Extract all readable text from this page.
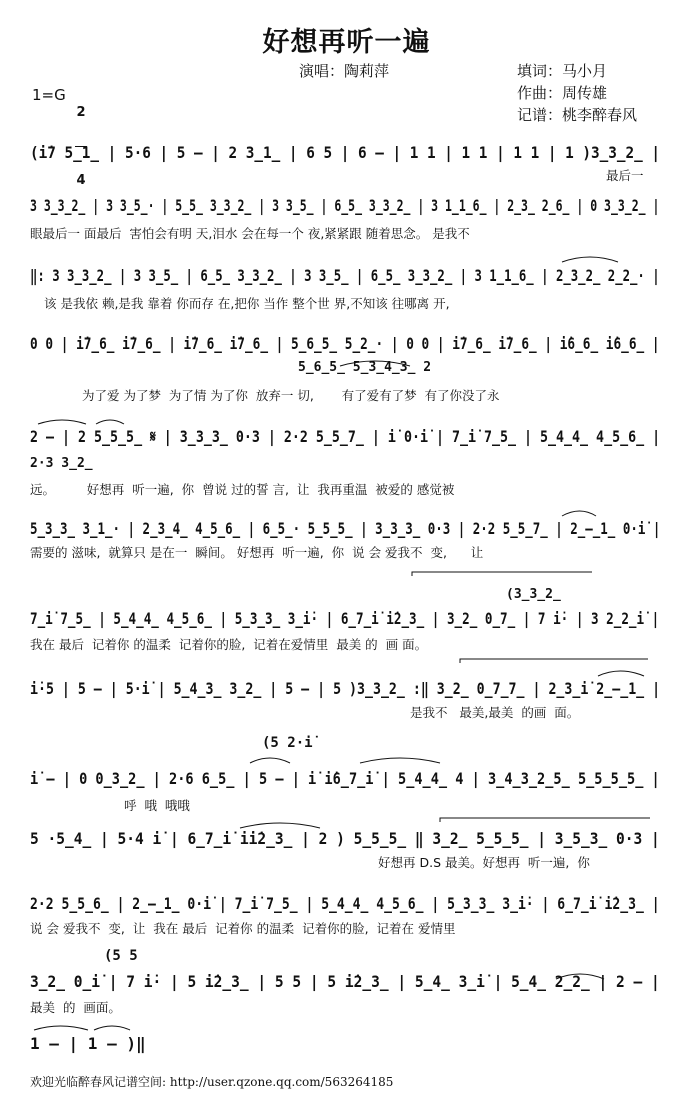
好想再听一遍
演唱：陶莉萍	填词：马小月
作曲：周传雄
记谱：桃李醉春风
1=G

2

4

(i̇7 5̲1̲ | 5·6 | 5 – | 2 3̲1̲ | 6 5 | 6 – | 1 1 | 1 1 | 1 1 | 1 )3̲3̲2̲ |
最后一
3 3̲3̲2̲ | 3 3̲5̲· | 5̲5̲ 3̲3̲2̲ | 3 3̲5̲ | 6̲5̲ 3̲3̲2̲ | 3 1̲1̲6̲ | 2̲3̲ 2̲6̲ | 0 3̲3̲2̲ |
眼最后一 面最后  害怕会有明 天,泪水 会在每一个 夜,紧紧跟 随着思念。 是我不
‖: 3 3̲3̲2̲ | 3 3̲5̲ | 6̲5̲ 3̲3̲2̲ | 3 3̲5̲ | 6̲5̲ 3̲3̲2̲ | 3 1̲1̲6̲ | 2̲3̲2̲ 2̲2̲· |
该 是我依 赖,是我 靠着 你而存 在,把你 当作 整个世 界,不知该 往哪离 开,
0 0 | i̇7̲6̲ i̇7̲6̲ | i̇7̲6̲ i̇7̲6̲ | 5̲6̲5̲ 5̲2̲· | 0 0 | i̇7̲6̲ i̇7̲6̲ | i̇6̲6̲ i̇6̲6̲ |
5̲6̲5̲ 5̲3̲4̲3̲ 2
为了爱 为了梦  为了情 为了你  放弃一 切,       有了爱有了梦  有了你没了永
2 – | 2 5̲5̲5̲ 𝄋 | 3̲3̲3̲ 0·3 | 2·2 5̲5̲7̲ | i̇ 0·i̇ | 7̲i̇ 7̲5̲ | 5̲4̲4̲ 4̲5̲6̲ |
2·3 3̲2̲
远。        好想再  听一遍,  你  曾说 过的誓 言,  让  我再重温  被爱的 感觉被
5̲3̲3̲ 3̲1̲· | 2̲3̲4̲ 4̲5̲6̲ | 6̲5̲· 5̲5̲5̲ | 3̲3̲3̲ 0·3 | 2·2 5̲5̲7̲ | 2̲–̲1̲ 0·i̇ |
需要的 滋味,  就算只 是在一  瞬间。 好想再  听一遍,  你  说 会 爱我不  变,      让
7̲i̇ 7̲5̲ | 5̲4̲4̲ 4̲5̲6̲ | 5̲3̲3̲ 3̲i̇· | 6̲7̲i̇ i̇2̲3̲ | 3̲2̲ 0̲7̲ | 7 i̇· | 3 2̲2̲i̇ |
(3̲3̲2̲
我在 最后  记着你 的温柔  记着你的脸,  记着在爱情里  最美 的  画 面。
i̇·5 | 5 – | 5·i̇ | 5̲4̲3̲ 3̲2̲ | 5 – | 5 )3̲3̲2̲ :‖ 3̲2̲ 0̲7̲7̲ | 2̲3̲i̇ 2̲–̲1̲ |
是我不   最美,最美  的画  面。
i̇ – | 0 0̲3̲2̲ | 2·6 6̲5̲ | 5 – | i̇ i̇6̲7̲i̇ | 5̲4̲4̲ 4 | 3̲4̲3̲2̲5̲ 5̲5̲5̲5̲ |
(5 2·i̇
呼  哦  哦哦
5 ·5̲4̲ | 5·4 i̇ | 6̲7̲i̇ i̇i̇2̲3̲ | 2 ) 5̲5̲5̲ ‖ 3̲2̲ 5̲5̲5̲ | 3̲5̲3̲ 0·3 |
好想再 D.S 最美。好想再  听一遍,  你
2·2 5̲5̲6̲ | 2̲–̲1̲ 0·i̇ | 7̲i̇ 7̲5̲ | 5̲4̲4̲ 4̲5̲6̲ | 5̲3̲3̲ 3̲i̇· | 6̲7̲i̇ i̇2̲3̲ |
说 会 爱我不  变,  让  我在 最后  记着你 的温柔  记着你的脸,  记着在 爱情里
3̲2̲ 0̲i̇ | 7 i̇· | 5 i̇2̲3̲ | 5 5 | 5 i̇2̲3̲ | 5̲4̲ 3̲i̇ | 5̲4̲ 2̲2̲ | 2 – |
(5 5
最美  的  画面。
1 – | 1 – )‖
欢迎光临醉春风记谱空间: http://user.qzone.qq.com/563264185
